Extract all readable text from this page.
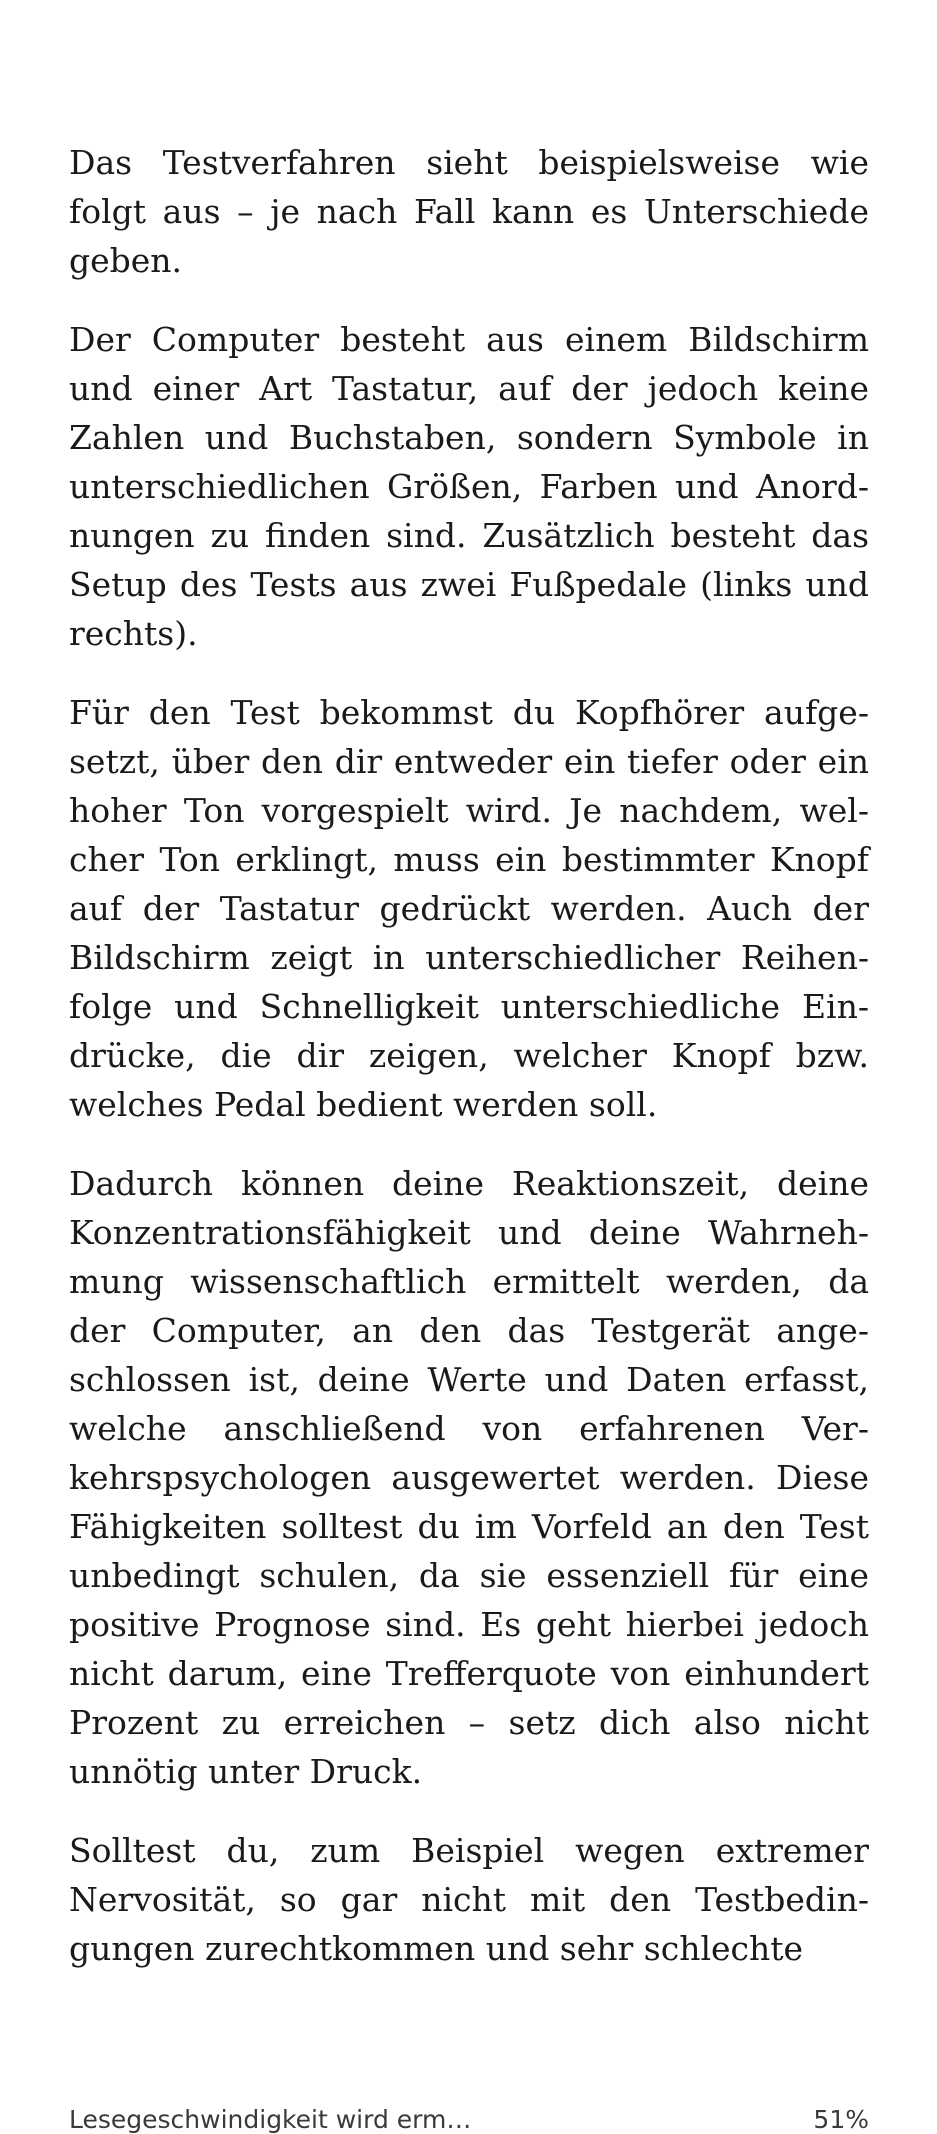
Das Testverfahren sieht beispielsweise wie folgt aus – je nach Fall kann es Unterschiede geben.

Der Computer besteht aus einem Bildschirm und einer Art Tastatur, auf der jedoch keine Zahlen und Buchstaben, sondern Symbole in unterschiedlichen Größen, Farben und Anordnungen zu finden sind. Zusätzlich besteht das Setup des Tests aus zwei Fußpedale (links und rechts).

Für den Test bekommst du Kopfhörer aufgesetzt, über den dir entweder ein tiefer oder ein hoher Ton vorgespielt wird. Je nachdem, welcher Ton erklingt, muss ein bestimmter Knopf auf der Tastatur gedrückt werden. Auch der Bildschirm zeigt in unterschiedlicher Reihenfolge und Schnelligkeit unterschiedliche Eindrücke, die dir zeigen, welcher Knopf bzw. welches Pedal bedient werden soll.

Dadurch können deine Reaktionszeit, deine Konzentrationsfähigkeit und deine Wahrnehmung wissenschaftlich ermittelt werden, da der Computer, an den das Testgerät angeschlossen ist, deine Werte und Daten erfasst, welche anschließend von erfahrenen Verkehrspsychologen ausgewertet werden. Diese Fähigkeiten solltest du im Vorfeld an den Test unbedingt schulen, da sie essenziell für eine positive Prognose sind. Es geht hierbei jedoch nicht darum, eine Trefferquote von einhundert Prozent zu erreichen – setz dich also nicht unnötig unter Druck.

Solltest du, zum Beispiel wegen extremer Nervosität, so gar nicht mit den Testbedingungen zurechtkommen und sehr schlechte

Lesegeschwindigkeit wird erm…	51%
